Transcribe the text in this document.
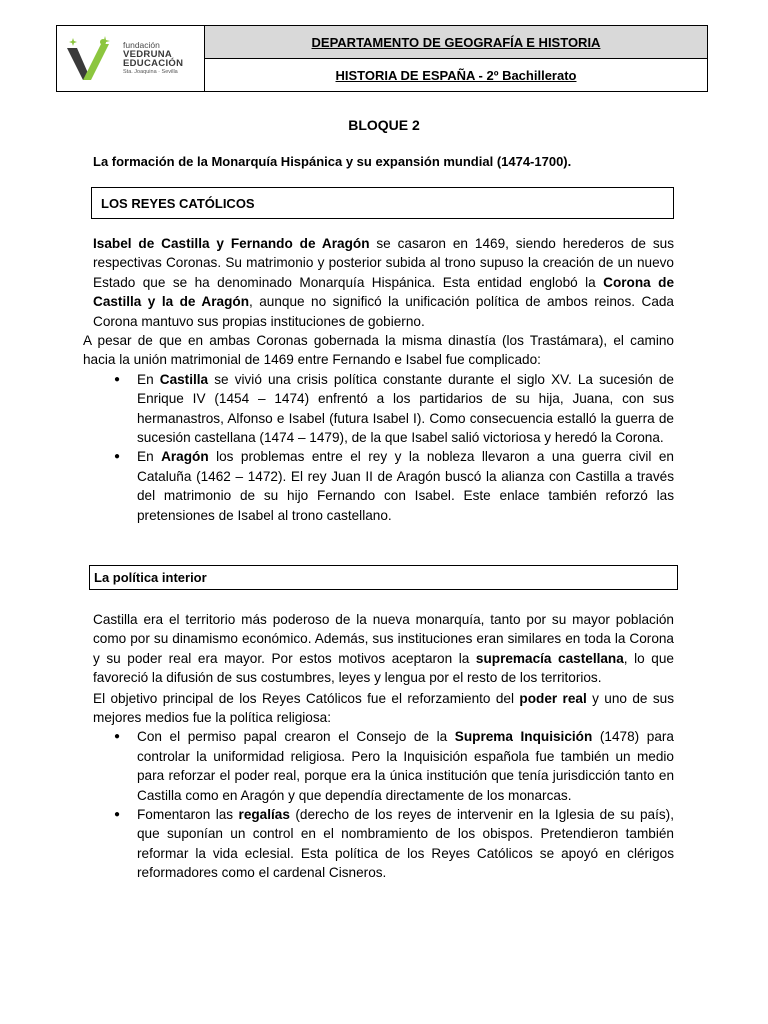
fundación
VEDRUNA
EDUCACIÓN
Sta. Joaquina · Sevilla
DEPARTAMENTO DE GEOGRAFÍA E HISTORIA
HISTORIA DE ESPAÑA - 2º Bachillerato
BLOQUE 2
La formación de la Monarquía Hispánica y su expansión mundial (1474-1700).
LOS REYES CATÓLICOS

Isabel de Castilla y Fernando de Aragón se casaron en 1469, siendo herederos de sus respectivas Coronas. Su matrimonio y posterior subida al trono supuso la creación de un nuevo Estado que se ha denominado Monarquía Hispánica. Esta entidad englobó la Corona de Castilla y la de Aragón, aunque no significó la unificación política de ambos reinos. Cada Corona mantuvo sus propias instituciones de gobierno.

A pesar de que en ambas Coronas gobernada la misma dinastía (los Trastámara), el camino hacia la unión matrimonial de 1469 entre Fernando e Isabel fue complicado:

● En Castilla se vivió una crisis política constante durante el siglo XV. La sucesión de Enrique IV (1454 – 1474) enfrentó a los partidarios de su hija, Juana, con sus hermanastros, Alfonso e Isabel (futura Isabel I). Como consecuencia estalló la guerra de sucesión castellana (1474 – 1479), de la que Isabel salió victoriosa y heredó la Corona.
● En Aragón los problemas entre el rey y la nobleza llevaron a una guerra civil en Cataluña (1462 – 1472). El rey Juan II de Aragón buscó la alianza con Castilla a través del matrimonio de su hijo Fernando con Isabel. Este enlace también reforzó las pretensiones de Isabel al trono castellano.
La política interior

Castilla era el territorio más poderoso de la nueva monarquía, tanto por su mayor población como por su dinamismo económico. Además, sus instituciones eran similares en toda la Corona y su poder real era mayor. Por estos motivos aceptaron la supremacía castellana, lo que favoreció la difusión de sus costumbres, leyes y lengua por el resto de los territorios.

El objetivo principal de los Reyes Católicos fue el reforzamiento del poder real y uno de sus mejores medios fue la política religiosa:

● Con el permiso papal crearon el Consejo de la Suprema Inquisición (1478) para controlar la uniformidad religiosa. Pero la Inquisición española fue también un medio para reforzar el poder real, porque era la única institución que tenía jurisdicción tanto en Castilla como en Aragón y que dependía directamente de los monarcas.
● Fomentaron las regalías (derecho de los reyes de intervenir en la Iglesia de su país), que suponían un control en el nombramiento de los obispos. Pretendieron también reformar la vida eclesial. Esta política de los Reyes Católicos se apoyó en clérigos reformadores como el cardenal Cisneros.
